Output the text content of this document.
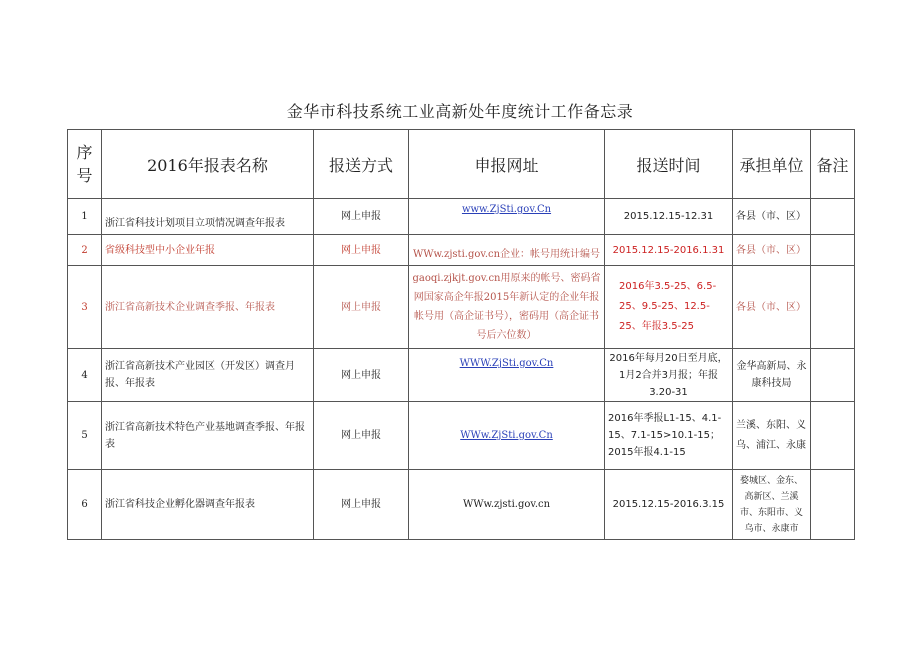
金华市科技系统工业高新处年度统计工作备忘录
序号	2016年报表名称	报送方式	申报网址	报送时间	承担单位	备注
1	浙江省科技计划项目立项情况调查年报表	网上申报	www.ZjSti.gov.Cn	2015.12.15-12.31	各县（市、区）	
2	省级科技型中小企业年报	网上申报	WWw.zjsti.gov.cn企业：帐号用统计编号	2015.12.15-2016.1.31	各县（市、区）	
3	浙江省高新技术企业调查季报、年报表	网上申报	gaoqi.zjkjt.gov.cn用原来的帐号、密码省网国家高企年报2015年新认定的企业年报帐号用（高企证书号），密码用（高企证书号后六位数）	2016年3.5-25、6.5-25、9.5-25、12.5-25、年报3.5-25	各县（市、区）	
4	浙江省高新技术产业园区（开发区）调查月报、年报表	网上申报	WWW.ZjSti.gov.Cn	2016年每月20日至月底，1月2合并3月报；年报3.20-31	金华高新局、永康科技局	
5	浙江省高新技术特色产业基地调查季报、年报表	网上申报	WWw.ZjSti.gov.Cn	2016年季报L1-15、4.1-15、7.1-15>10.1-15；2015年报4.1-15	兰溪、东阳、义乌、浦江、永康	
6	浙江省科技企业孵化器调查年报表	网上申报	WWw.zjsti.gov.cn	2015.12.15-2016.3.15	婺城区、金东、高新区、兰溪市、东阳市、义乌市、永康市	
